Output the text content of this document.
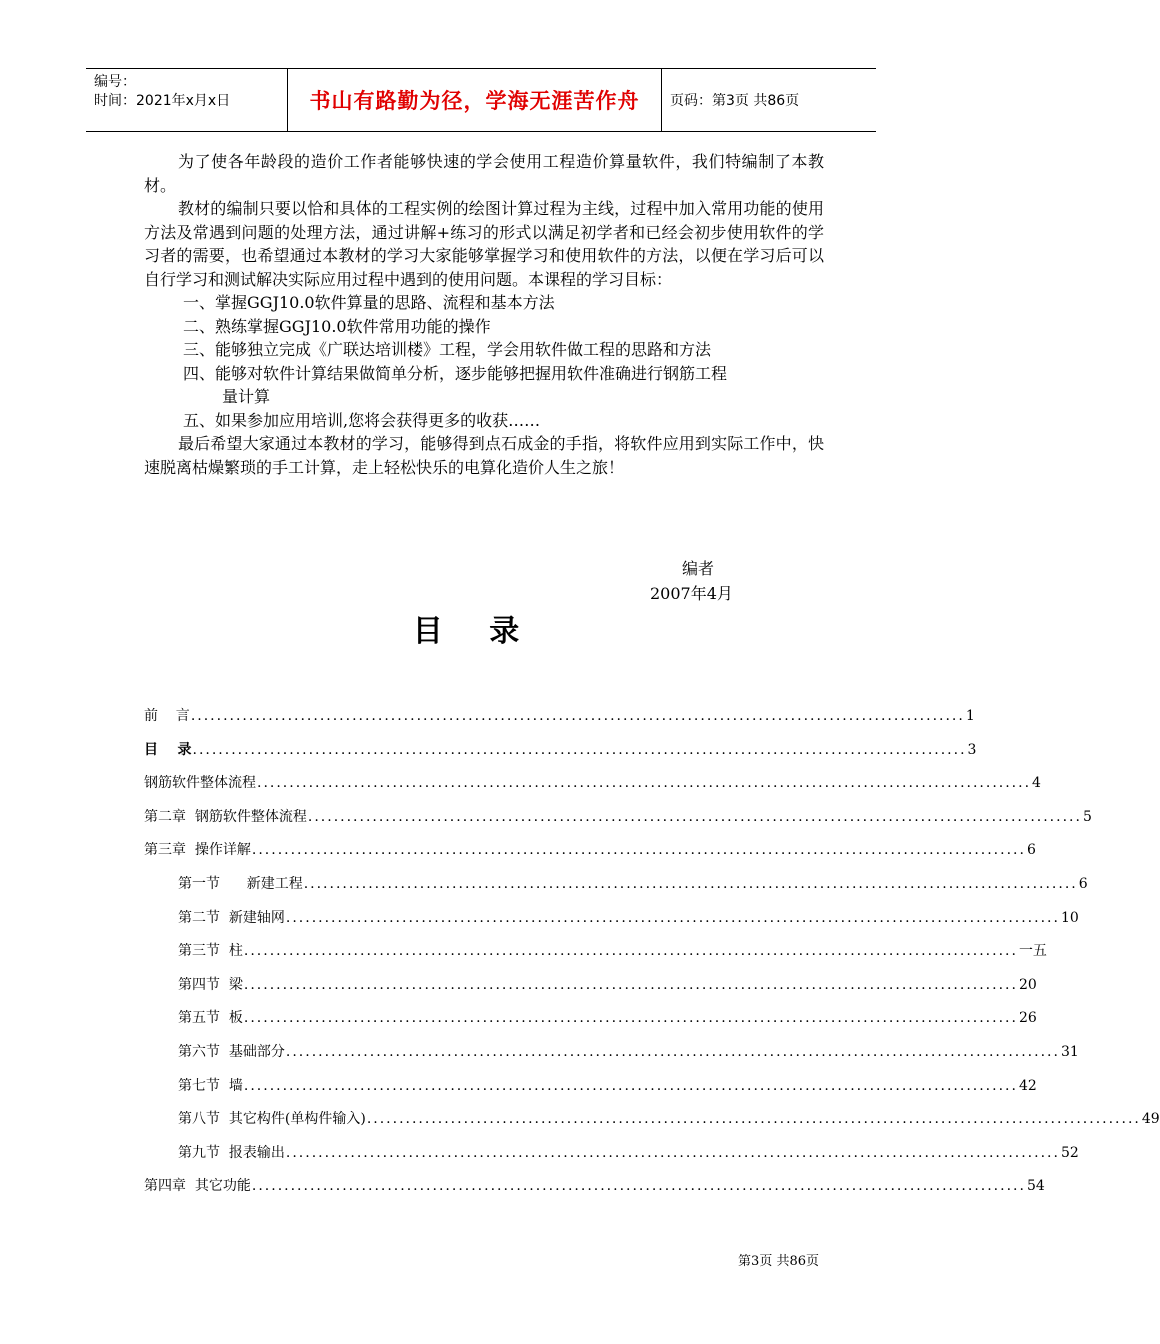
编号：
时间：2021年x月x日	书山有路勤为径，学海无涯苦作舟	页码：第3页 共86页

为了使各年龄段的造价工作者能够快速的学会使用工程造价算量软件，我们特编制了本教材。

教材的编制只要以恰和具体的工程实例的绘图计算过程为主线，过程中加入常用功能的使用方法及常遇到问题的处理方法，通过讲解+练习的形式以满足初学者和已经会初步使用软件的学习者的需要，也希望通过本教材的学习大家能够掌握学习和使用软件的方法，以便在学习后可以自行学习和测试解决实际应用过程中遇到的使用问题。本课程的学习目标：

一、掌握GGJ10.0软件算量的思路、流程和基本方法

二、熟练掌握GGJ10.0软件常用功能的操作

三、能够独立完成《广联达培训楼》工程，学会用软件做工程的思路和方法

四、能够对软件计算结果做简单分析，逐步能够把握用软件准确进行钢筋工程
量计算

五、如果参加应用培训,您将会获得更多的收获……

最后希望大家通过本教材的学习，能够得到点石成金的手指，将软件应用到实际工作中，快速脱离枯燥繁琐的手工计算，走上轻松快乐的电算化造价人生之旅！

编者
2007年4月
目 录
前    言 ........................................................................................................................ 1
目    录 ........................................................................................................................ 3
钢筋软件整体流程 ........................................................................................................................ 4
第二章  钢筋软件整体流程 ........................................................................................................................ 5
第三章  操作详解 ........................................................................................................................ 6
第一节      新建工程 ........................................................................................................................ 6
第二节  新建轴网 ........................................................................................................................ 10
第三节  柱 ........................................................................................................................ 一五
第四节  梁 ........................................................................................................................ 20
第五节  板 ........................................................................................................................ 26
第六节  基础部分 ........................................................................................................................ 31
第七节  墙 ........................................................................................................................ 42
第八节  其它构件(单构件输入) ........................................................................................................................ 49
第九节  报表输出 ........................................................................................................................ 52
第四章  其它功能 ........................................................................................................................ 54
第3页 共86页
